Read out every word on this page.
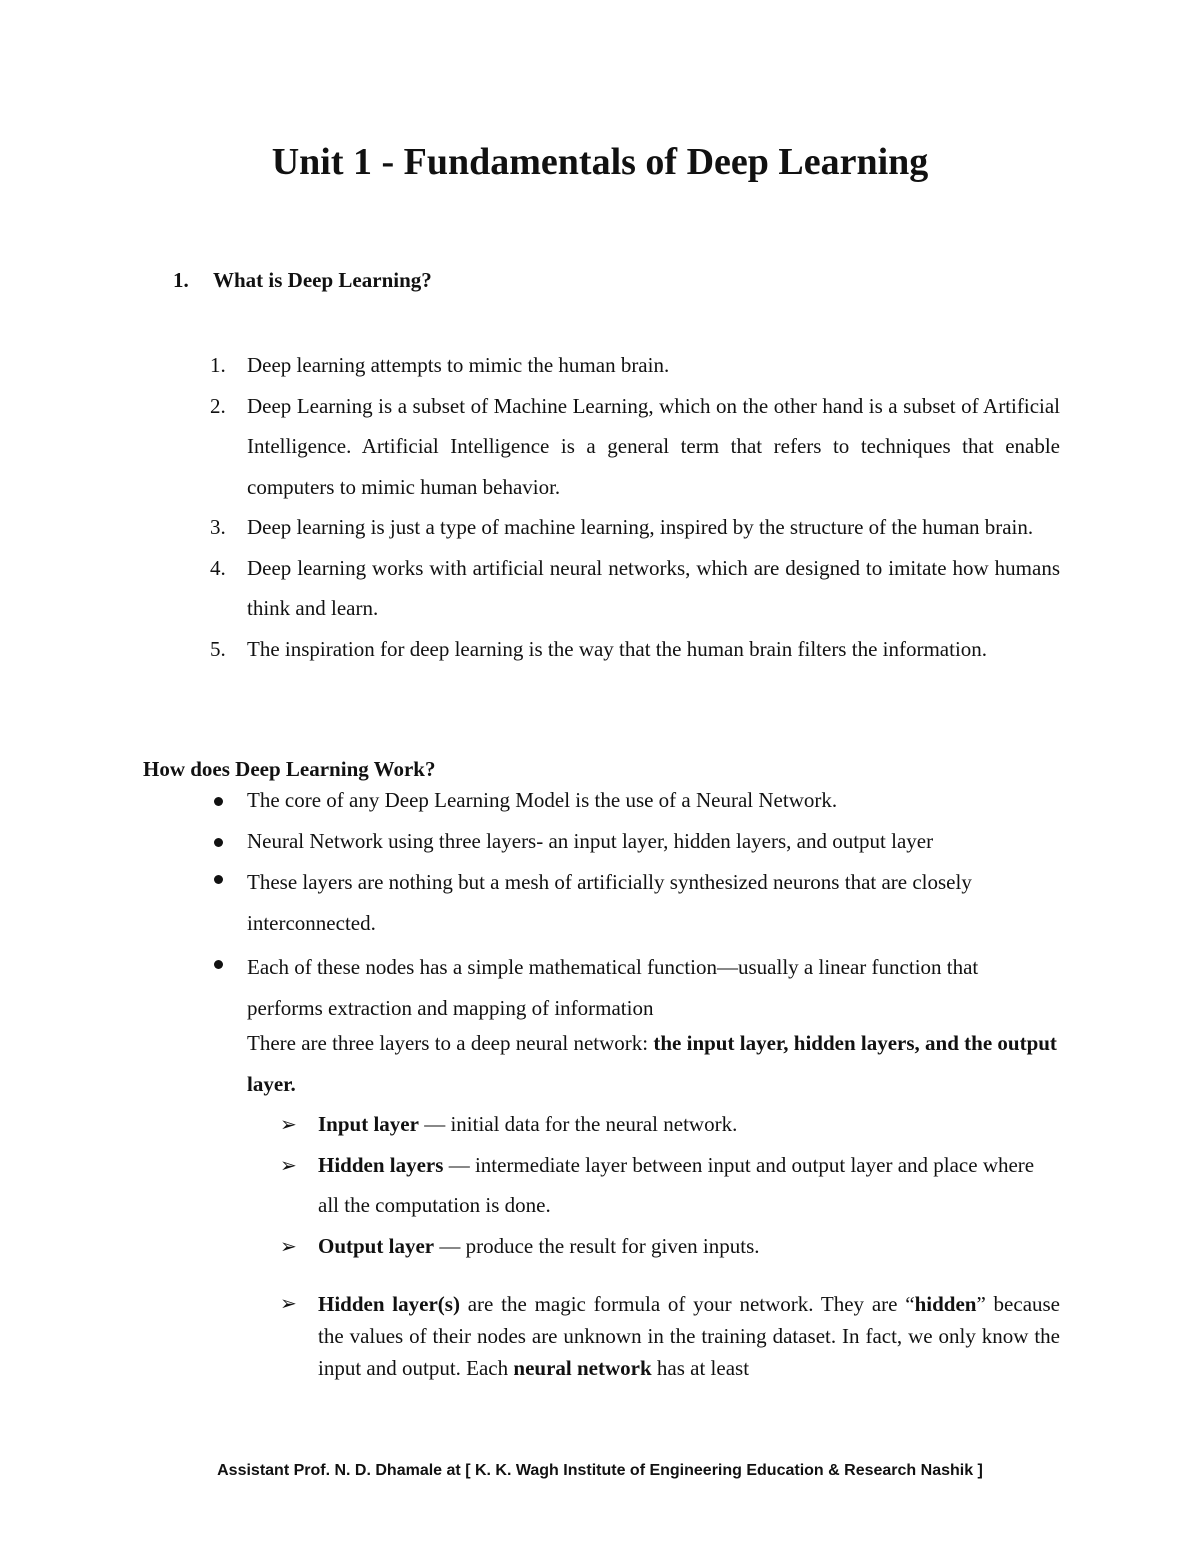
Unit 1 - Fundamentals of Deep Learning
1. What is Deep Learning?
1. Deep learning attempts to mimic the human brain.
2. Deep Learning is a subset of Machine Learning, which on the other hand is a subset of Artificial Intelligence. Artificial Intelligence is a general term that refers to techniques that enable computers to mimic human behavior.
3. Deep learning is just a type of machine learning, inspired by the structure of the human brain.
4. Deep learning works with artificial neural networks, which are designed to imitate how humans think and learn.
5. The inspiration for deep learning is the way that the human brain filters the information.
How does Deep Learning Work?
The core of any Deep Learning Model is the use of a Neural Network.
Neural Network using three layers- an input layer, hidden layers, and output layer
These layers are nothing but a mesh of artificially synthesized neurons that are closely interconnected.
Each of these nodes has a simple mathematical function—usually a linear function that performs extraction and mapping of information

There are three layers to a deep neural network: the input layer, hidden layers, and the output layer.

➢ Input layer — initial data for the neural network.
➢ Hidden layers — intermediate layer between input and output layer and place where all the computation is done.
➢ Output layer — produce the result for given inputs.
➢ Hidden layer(s) are the magic formula of your network. They are “hidden” because the values of their nodes are unknown in the training dataset. In fact, we only know the input and output. Each neural network has at least

Assistant Prof. N. D. Dhamale at [ K. K. Wagh Institute of Engineering Education & Research Nashik ]
